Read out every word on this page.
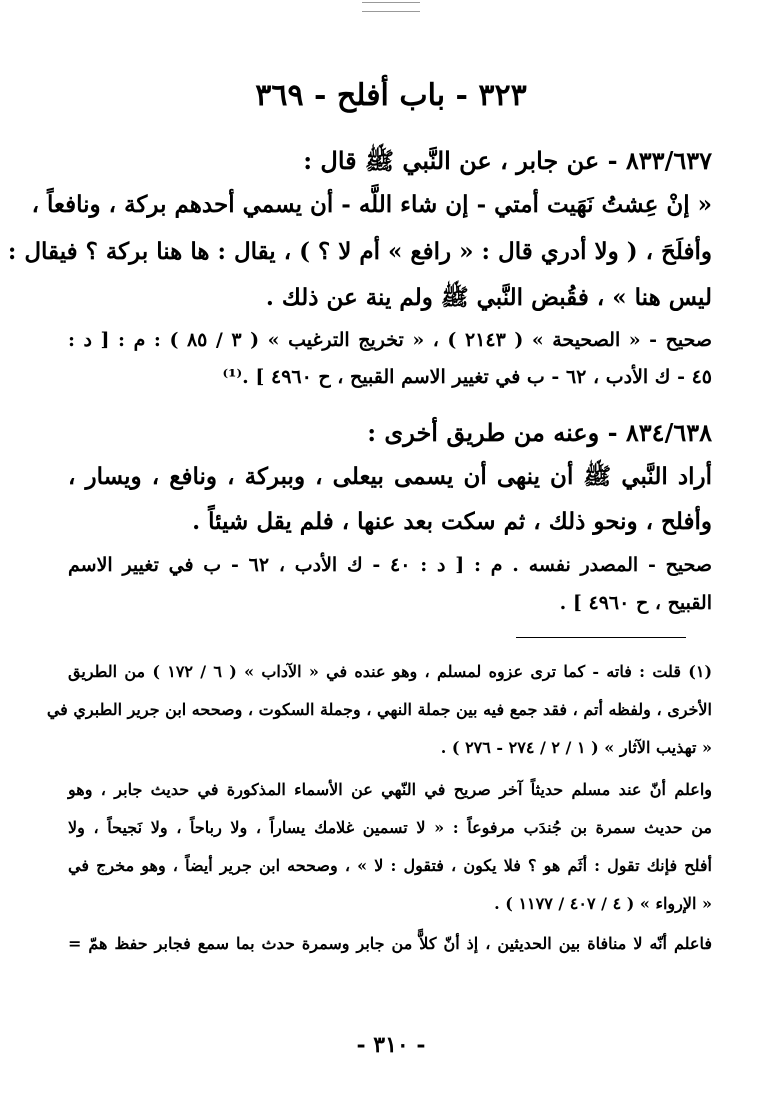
٣٢٣ - باب أفلح - ٣٦٩
٨٣٣/٦٣٧ - عن جابر ، عن النَّبي ﷺ قال :
« إنْ عِشتُ نَهَيت أمتي - إن شاء اللَّه - أن يسمي أحدهم بركة ، ونافعاً ،
وأفلَحَ ، ( ولا أدري قال : « رافع » أم لا ؟ ) ، يقال : ها هنا بركة ؟ فيقال :
ليس هنا » ، فقُبض النَّبي ﷺ ولم ينة عن ذلك .
صحيح - « الصحيحة » ( ٢١٤٣ ) ، « تخريج الترغيب » ( ٣ / ٨٥ ) : م : [ د :
٤٥ - ك الأدب ، ٦٢ - ب في تغيير الاسم القبيح ، ح ٤٩٦٠ ] .⁽¹⁾
٨٣٤/٦٣٨ - وعنه من طريق أخرى :
أراد النَّبي ﷺ أن ينهى أن يسمى بيعلى ، وببركة ، ونافع ، ويسار ،
وأفلح ، ونحو ذلك ، ثم سكت بعد عنها ، فلم يقل شيئاً .
صحيح - المصدر نفسه . م : [ د : ٤٠ - ك الأدب ، ٦٢ - ب في تغيير الاسم
القبيح ، ح ٤٩٦٠ ] .
(١) قلت : فاته - كما ترى عزوه لمسلم ، وهو عنده في « الآداب » ( ٦ / ١٧٢ ) من الطريق
الأخرى ، ولفظه أتم ، فقد جمع فيه بين جملة النهي ، وجملة السكوت ، وصححه ابن جرير الطبري في
« تهذيب الآثار » ( ١ / ٢ / ٢٧٤ - ٢٧٦ ) .
واعلم أنّ عند مسلم حديثاً آخر صريح في النّهي عن الأسماء المذكورة في حديث جابر ، وهو
من حديث سمرة بن جُندَب مرفوعاً : « لا تسمين غلامك يساراً ، ولا رباحاً ، ولا نَجيحاً ، ولا
أفلح فإنك تقول : أثَم هو ؟ فلا يكون ، فتقول : لا » ، وصححه ابن جرير أيضاً ، وهو مخرج في
« الإرواء » ( ٤ / ٤٠٧ / ١١٧٧ ) .
فاعلم أنّه لا منافاة بين الحديثين ، إذ أنّ كلاًّ من جابر وسمرة حدث بما سمع فجابر حفظ همّ =
- ٣١٠ -
